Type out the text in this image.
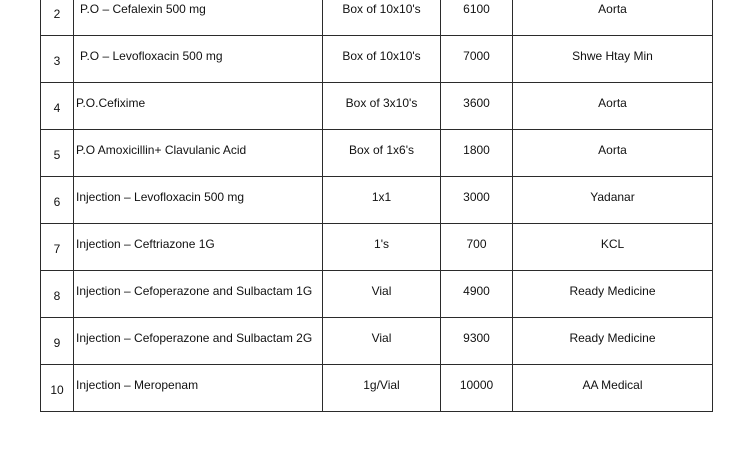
2	P.O – Cefalexin 500 mg	Box of 10x10's	6100	Aorta

3	P.O – Levofloxacin 500 mg	Box of 10x10's	7000	Shwe Htay Min

4	P.O.Cefixime	Box of 3x10's	3600	Aorta

5	P.O Amoxicillin+ Clavulanic Acid	Box of 1x6's	1800	Aorta

6	Injection – Levofloxacin 500 mg	1x1	3000	Yadanar

7	Injection – Ceftriazone 1G	1's	700	KCL

8	Injection – Cefoperazone and Sulbactam 1G	Vial	4900	Ready Medicine

9	Injection – Cefoperazone and Sulbactam 2G	Vial	9300	Ready Medicine

10	Injection – Meropenam	1g/Vial	10000	AA Medical
